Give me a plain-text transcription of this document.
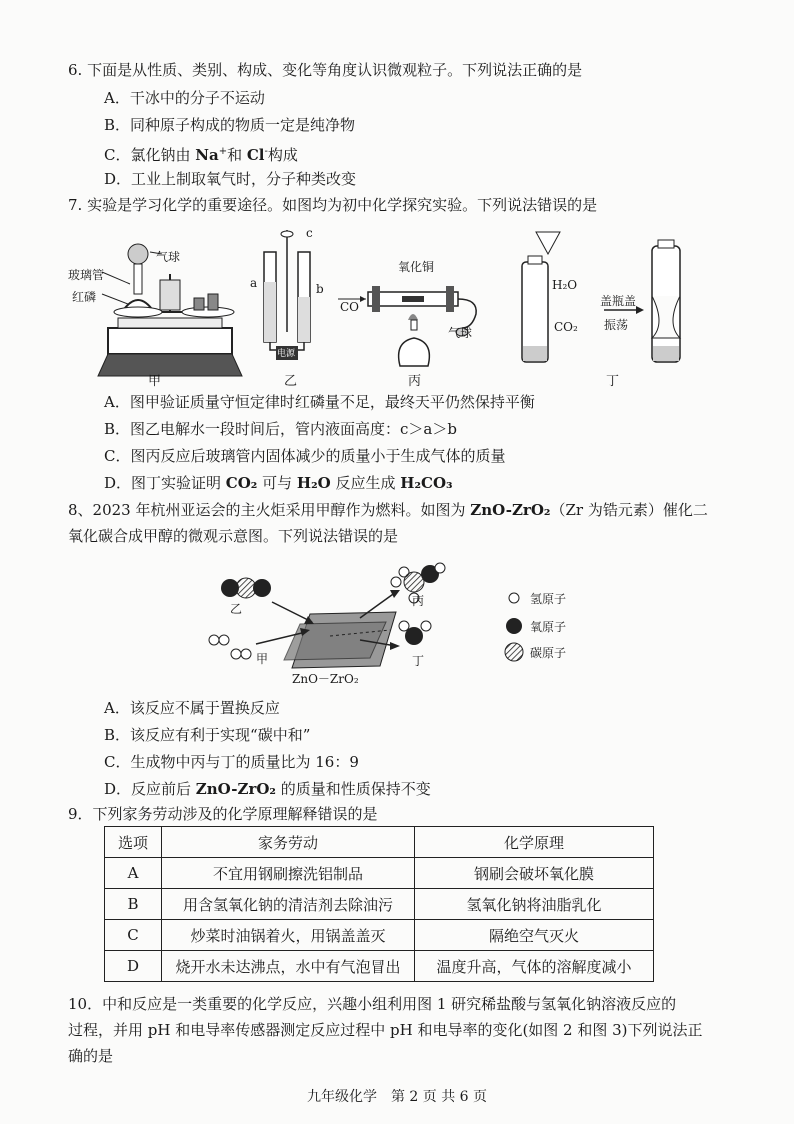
6. 下面是从性质、类别、构成、变化等角度认识微观粒子。下列说法正确的是
A．干冰中的分子不运动
B．同种原子构成的物质一定是纯净物
C．氯化钠由 Na+和 Cl-构成
D．工业上制取氧气时，分子种类改变
7. 实验是学习化学的重要途径。如图均为初中化学探究实验。下列说法错误的是
气球
玻璃管
红磷
甲
c
a	b
电源
乙
氧化铜
CO
气球
丙
H₂O
CO₂
盖瓶盖
振荡
丁
A．图甲验证质量守恒定律时红磷量不足，最终天平仍然保持平衡
B．图乙电解水一段时间后，管内液面高度：c＞a＞b
C．图丙反应后玻璃管内固体减少的质量小于生成气体的质量
D．图丁实验证明 CO₂ 可与 H₂O 反应生成 H₂CO₃
8、2023 年杭州亚运会的主火炬采用甲醇作为燃料。如图为 ZnO-ZrO₂（Zr 为锆元素）催化二
氧化碳合成甲醇的微观示意图。下列说法错误的是
乙
甲
丙
丁
ZnO－ZrO₂
氢原子
氧原子
碳原子
A．该反应不属于置换反应
B．该反应有利于实现“碳中和”
C．生成物中丙与丁的质量比为 16：9
D．反应前后 ZnO-ZrO₂ 的质量和性质保持不变
9．下列家务劳动涉及的化学原理解释错误的是
选项	家务劳动	化学原理
A	不宜用钢刷擦洗铝制品	钢刷会破坏氧化膜
B	用含氢氧化钠的清洁剂去除油污	氢氧化钠将油脂乳化
C	炒菜时油锅着火，用锅盖盖灭	隔绝空气灭火
D	烧开水未达沸点，水中有气泡冒出	温度升高，气体的溶解度减小
10．中和反应是一类重要的化学反应，兴趣小组利用图 1 研究稀盐酸与氢氧化钠溶液反应的
过程，并用 pH 和电导率传感器测定反应过程中 pH 和电导率的变化(如图 2 和图 3)下列说法正
确的是
九年级化学　第 2 页 共 6 页
